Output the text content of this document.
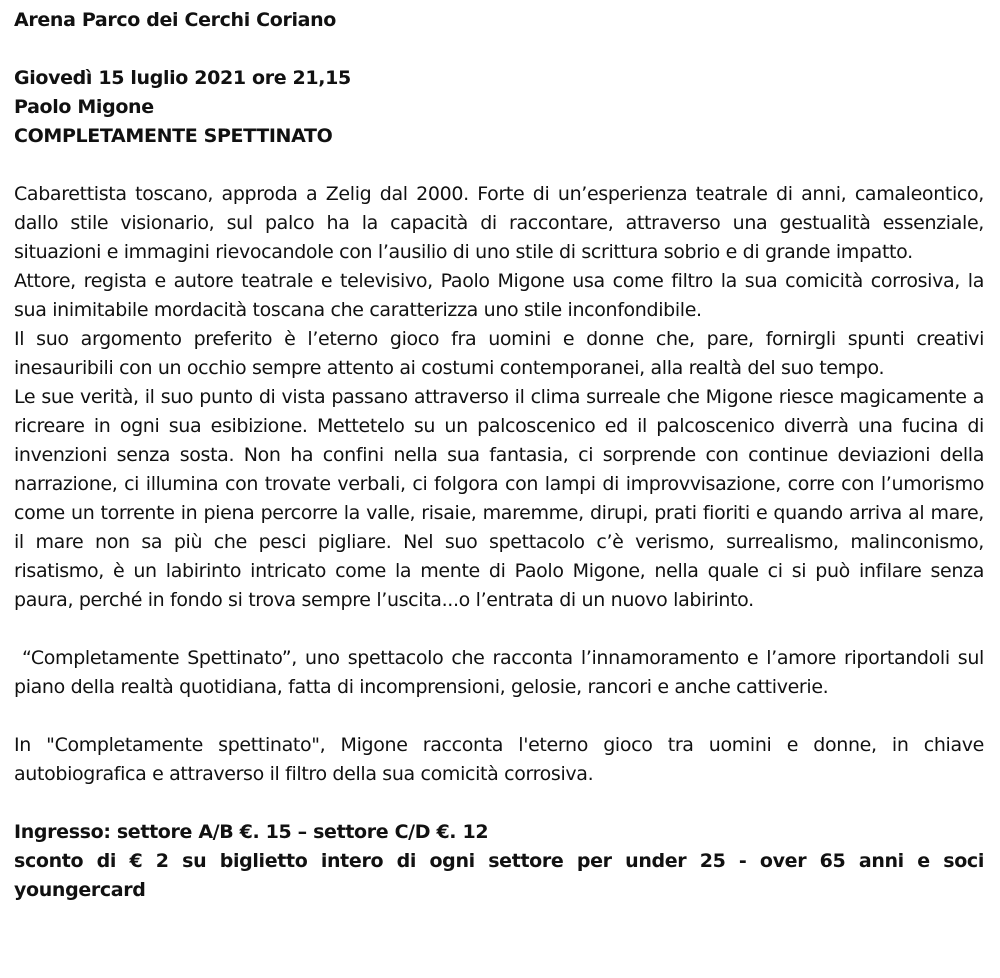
Arena Parco dei Cerchi Coriano

Giovedì 15 luglio 2021 ore 21,15

Paolo Migone

COMPLETAMENTE SPETTINATO

Cabarettista toscano, approda a Zelig dal 2000. Forte di un’esperienza teatrale di anni, camaleontico, dallo stile visionario, sul palco ha la capacità di raccontare, attraverso una gestualità essenziale, situazioni e immagini rievocandole con l’ausilio di uno stile di scrittura sobrio e di grande impatto.

Attore, regista e autore teatrale e televisivo, Paolo Migone usa come filtro la sua comicità corrosiva, la sua inimitabile mordacità toscana che caratterizza uno stile inconfondibile.

Il suo argomento preferito è l’eterno gioco fra uomini e donne che, pare, fornirgli spunti creativi inesauribili con un occhio sempre attento ai costumi contemporanei, alla realtà del suo tempo.

Le sue verità, il suo punto di vista passano attraverso il clima surreale che Migone riesce magicamente a ricreare in ogni sua esibizione. Mettetelo su un palcoscenico ed il palcoscenico diverrà una fucina di invenzioni senza sosta. Non ha confini nella sua fantasia, ci sorprende con continue deviazioni della narrazione, ci illumina con trovate verbali, ci folgora con lampi di improvvisazione, corre con l’umorismo come un torrente in piena percorre la valle, risaie, maremme, dirupi, prati fioriti e quando arriva al mare, il mare non sa più che pesci pigliare. Nel suo spettacolo c’è verismo, surrealismo, malinconismo, risatismo, è un labirinto intricato come la mente di Paolo Migone, nella quale ci si può infilare senza paura, perché in fondo si trova sempre l’uscita...o l’entrata di un nuovo labirinto.

“Completamente Spettinato”, uno spettacolo che racconta l’innamoramento e l’amore riportandoli sul piano della realtà quotidiana, fatta di incomprensioni, gelosie, rancori e anche cattiverie.

In "Completamente spettinato", Migone racconta l'eterno gioco tra uomini e donne, in chiave autobiografica e attraverso il filtro della sua comicità corrosiva.

Ingresso: settore A/B €. 15 – settore C/D €. 12

sconto di € 2 su biglietto intero di ogni settore per under 25 - over 65 anni e soci youngercard
